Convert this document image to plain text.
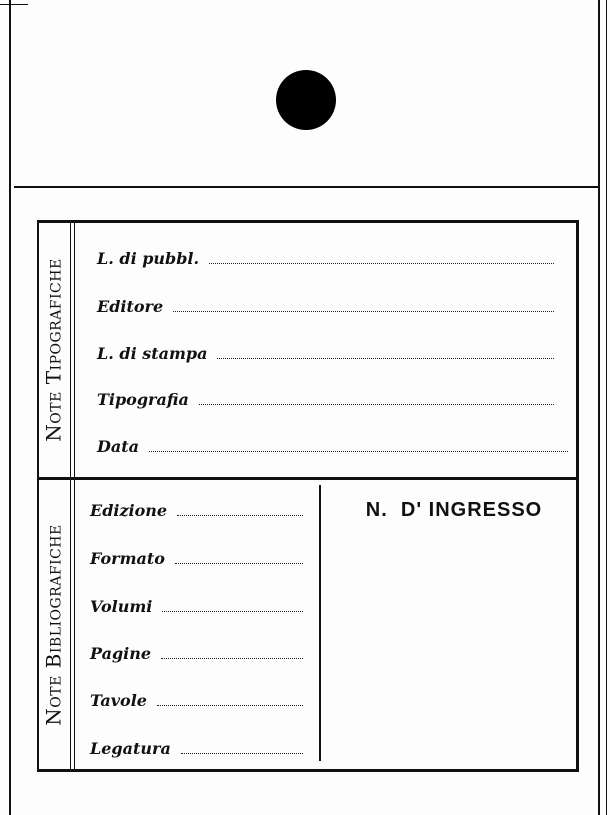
Note Tipografiche L. di pubbl.
Editore
L. di stampa
Tipografia
Data
Note Bibliografiche
Edizione
Formato
Volumi
Pagine
Tavole
Legatura
N.  D' INGRESSO
